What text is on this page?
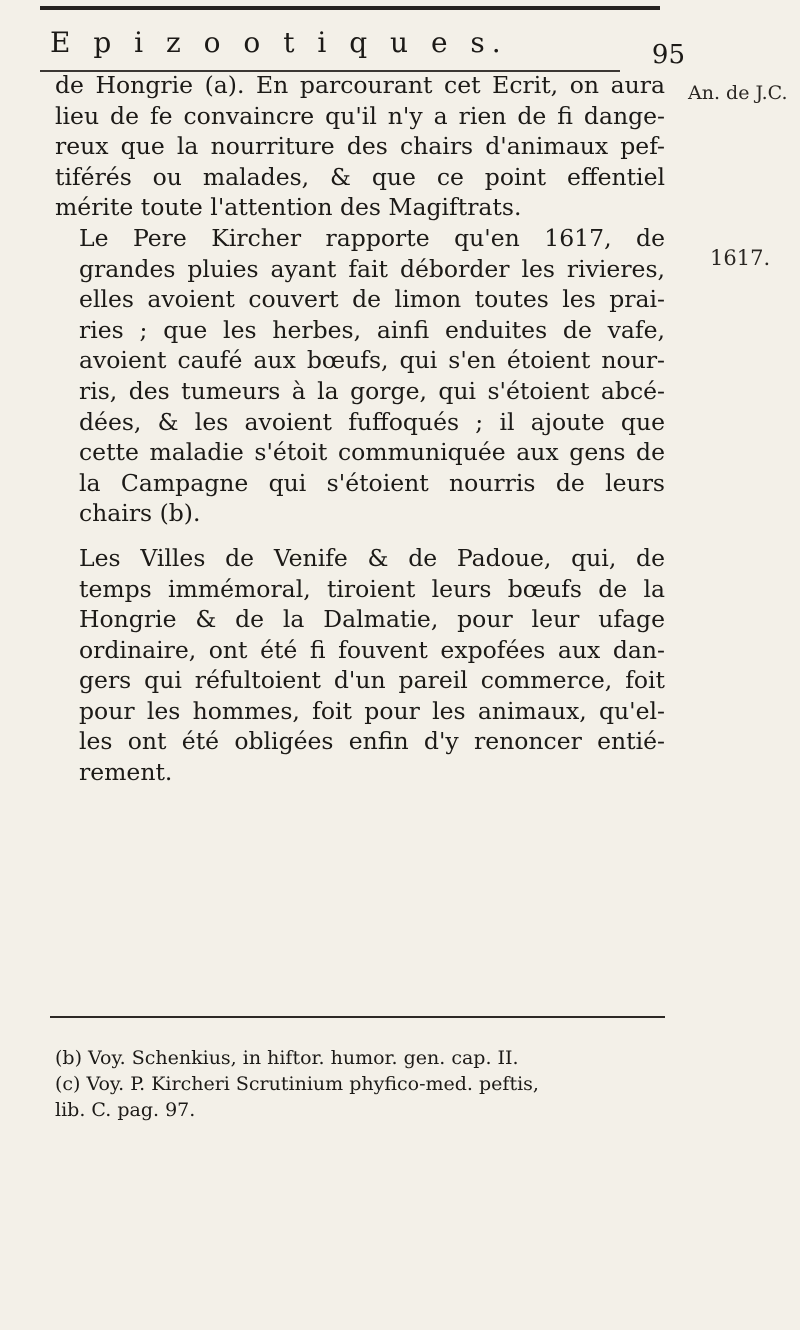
E p i z o o t i q u e s.	95
An. de J.C.
1617.

de Hongrie (a). En parcourant cet Ecrit, on aura
lieu de fe convaincre qu'il n'y a rien de fi dange-
reux que la nourriture des chairs d'animaux pef-
tiférés ou malades, & que ce point effentiel
mérite toute l'attention des Magiftrats.

Le Pere Kircher rapporte qu'en 1617, de
grandes pluies ayant fait déborder les rivieres,
elles avoient couvert de limon toutes les prai-
ries ; que les herbes, ainfi enduites de vafe,
avoient caufé aux bœufs, qui s'en étoient nour-
ris, des tumeurs à la gorge, qui s'étoient abcé-
dées, & les avoient fuffoqués ; il ajoute que
cette maladie s'étoit communiquée aux gens de
la Campagne qui s'étoient nourris de leurs
chairs (b).

Les Villes de Venife & de Padoue, qui, de
temps immémoral, tiroient leurs bœufs de la
Hongrie & de la Dalmatie, pour leur ufage
ordinaire, ont été fi fouvent expofées aux dan-
gers qui réfultoient d'un pareil commerce, foit
pour les hommes, foit pour les animaux, qu'el-
les ont été obligées enfin d'y renoncer entié-
rement.

(b) Voy. Schenkius, in hiftor. humor. gen. cap. II.
(c) Voy. P. Kircheri Scrutinium phyfico-med. peftis,
lib. C. pag. 97.
